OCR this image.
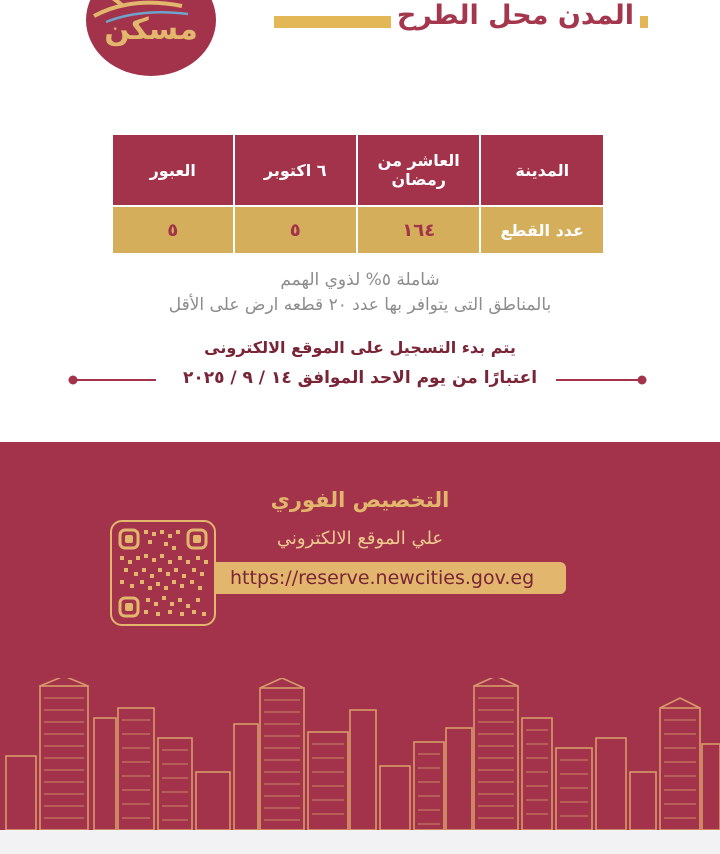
مسكن	المدن محل الطرح
المدينة	العاشر من رمضان	٦ اكتوبر	العبور
عدد القطع	١٦٤	٥	٥
شاملة ٥% لذوي الهمم
بالمناطق التى يتوافر بها عدد ٢٠ قطعه ارض على الأقل
يتم بدء التسجيل على الموقع الالكترونى
اعتبارًا من يوم الاحد الموافق ١٤ / ٩ / ٢٠٢٥
التخصيص الفوري
علي الموقع الالكتروني
https://reserve.newcities.gov.eg
